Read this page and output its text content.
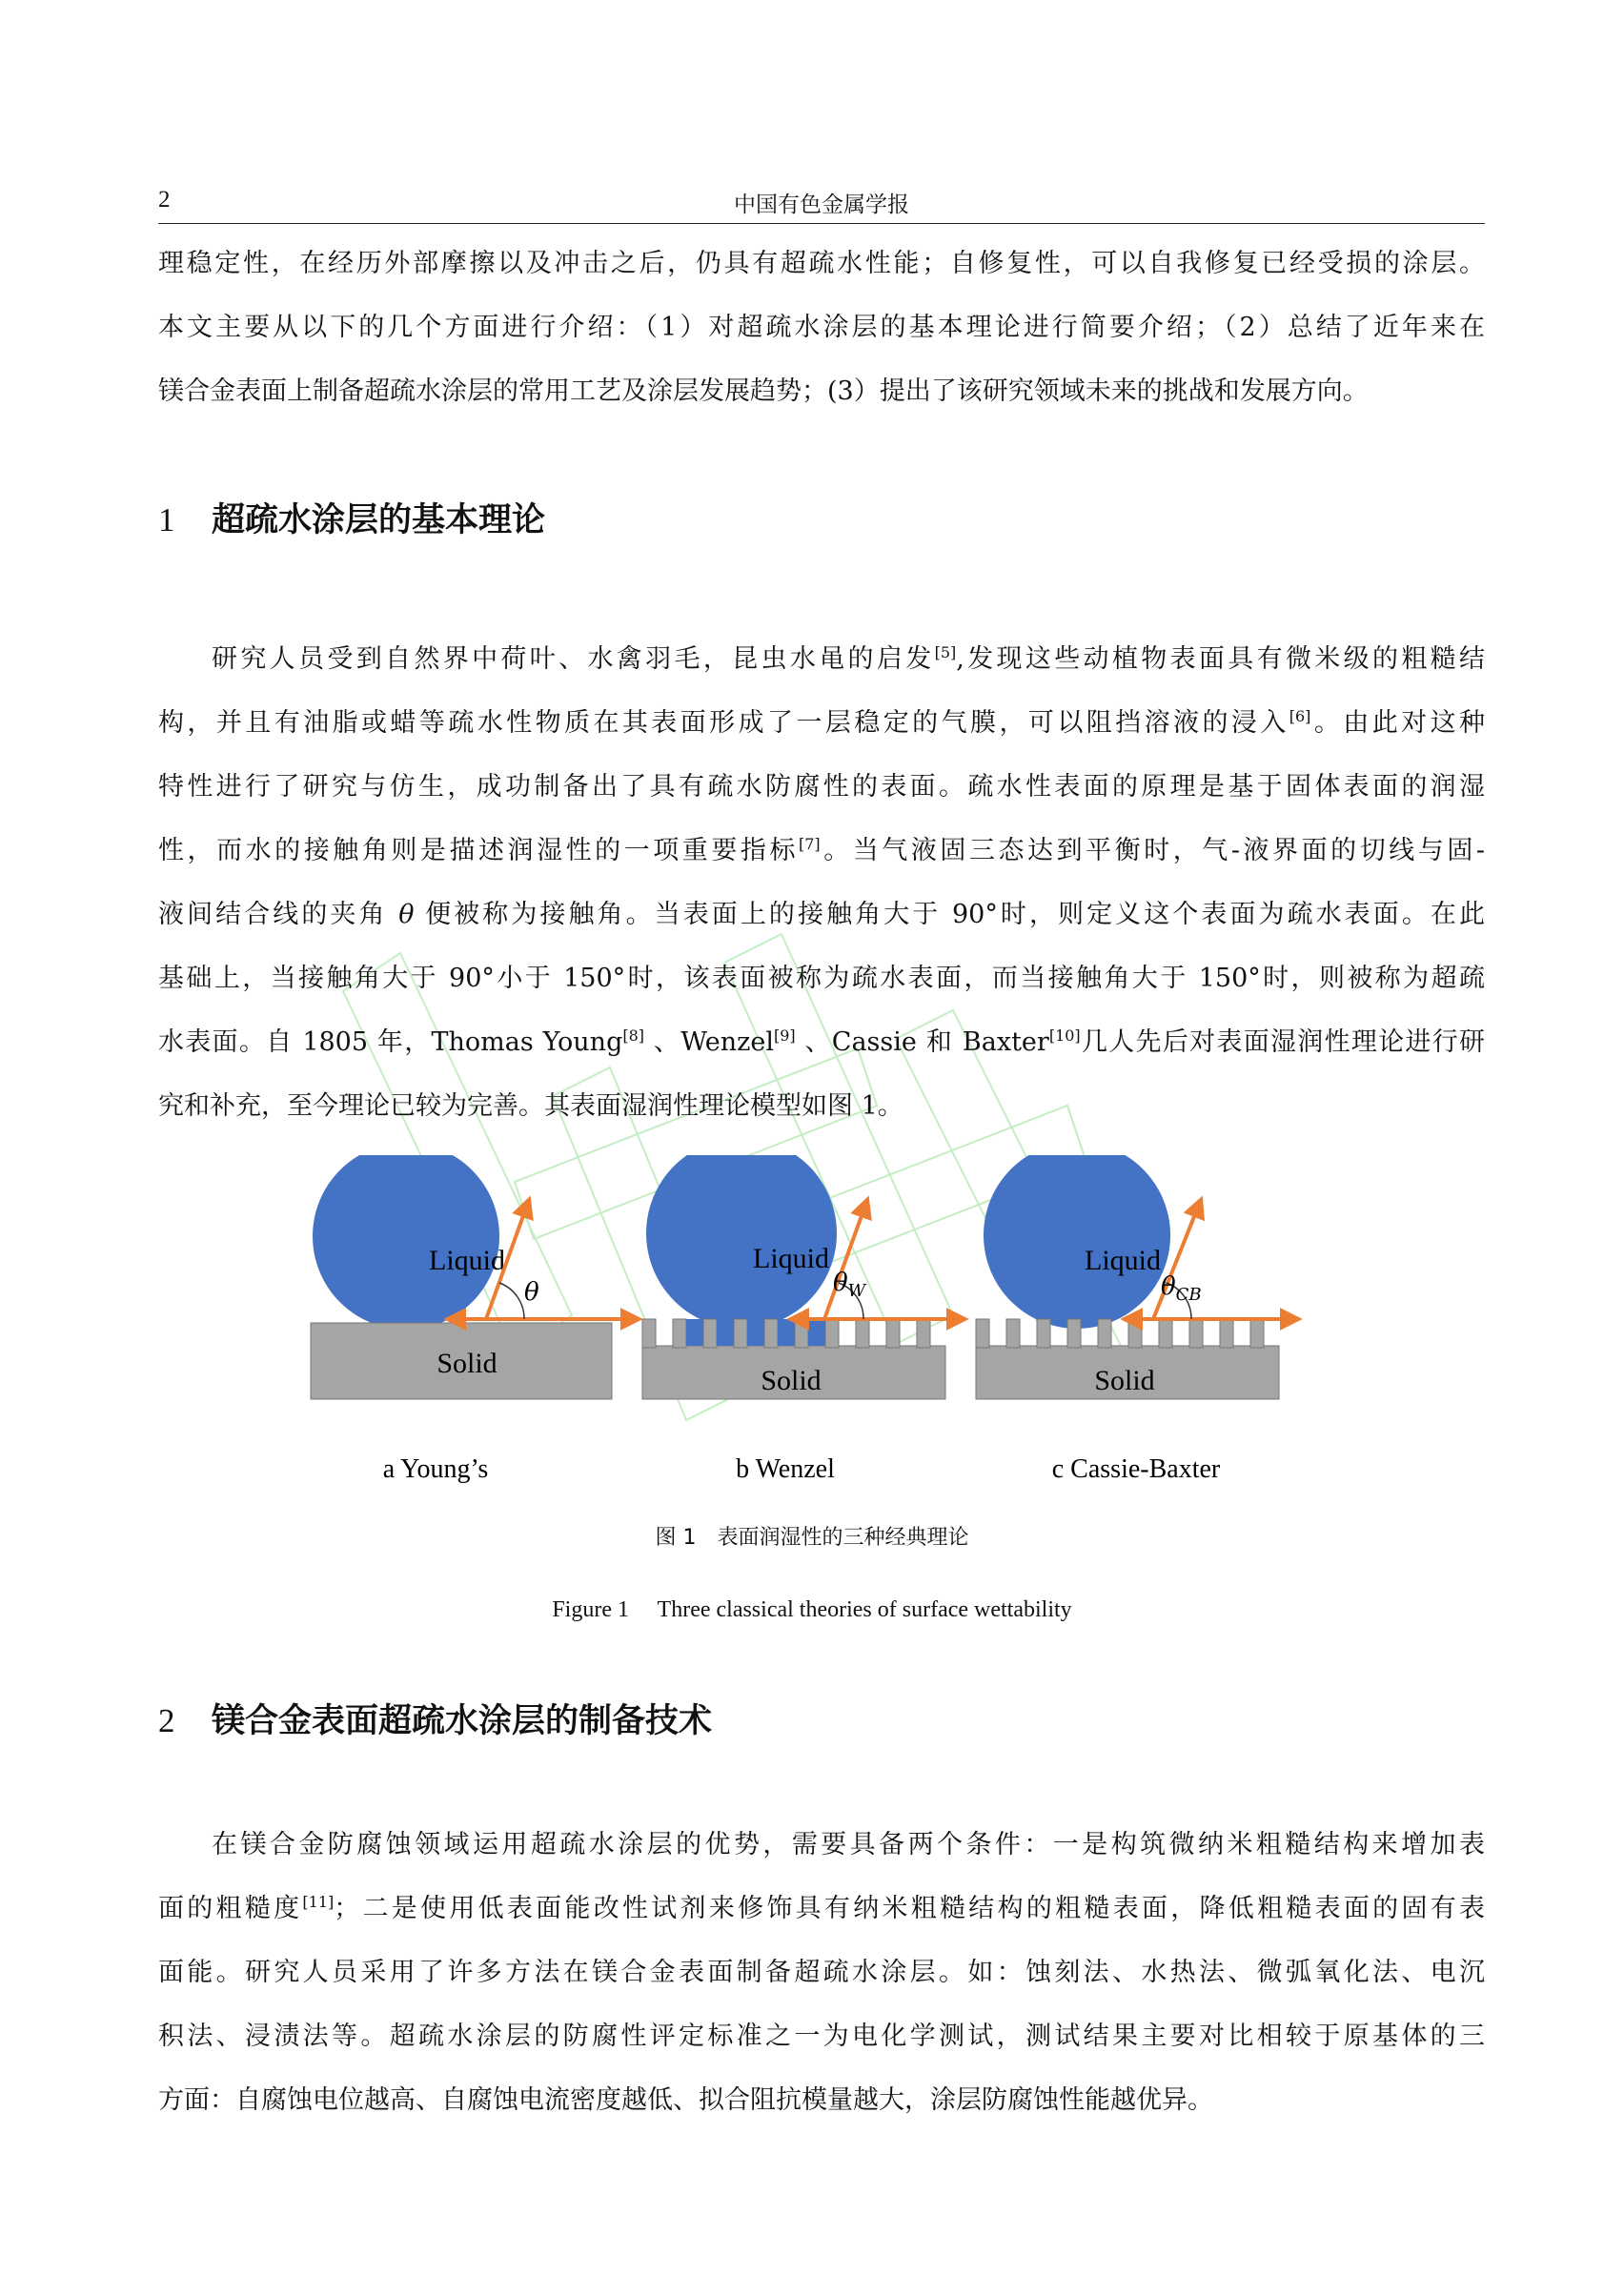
2	中国有色金属学报
理稳定性，在经历外部摩擦以及冲击之后，仍具有超疏水性能；自修复性，可以自我修复已经受损的涂层。
本文主要从以下的几个方面进行介绍：（1）对超疏水涂层的基本理论进行简要介绍；（2）总结了近年来在
镁合金表面上制备超疏水涂层的常用工艺及涂层发展趋势；(3）提出了该研究领域未来的挑战和发展方向。
1 超疏水涂层的基本理论
研究人员受到自然界中荷叶、水禽羽毛，昆虫水黾的启发[5],发现这些动植物表面具有微米级的粗糙结
构，并且有油脂或蜡等疏水性物质在其表面形成了一层稳定的气膜，可以阻挡溶液的浸入[6]。由此对这种
特性进行了研究与仿生，成功制备出了具有疏水防腐性的表面。疏水性表面的原理是基于固体表面的润湿
性，而水的接触角则是描述润湿性的一项重要指标[7]。当气液固三态达到平衡时，气-液界面的切线与固-
液间结合线的夹角 θ 便被称为接触角。当表面上的接触角大于 90°时，则定义这个表面为疏水表面。在此
基础上，当接触角大于 90°小于 150°时，该表面被称为疏水表面，而当接触角大于 150°时，则被称为超疏
水表面。自 1805 年，Thomas Young[8] 、Wenzel[9] 、Cassie 和 Baxter[10]几人先后对表面湿润性理论进行研
究和补充，至今理论已较为完善。其表面湿润性理论模型如图 1。
Liquid
Solid
θ
a Young’s
Liquid
Solid
$\theta_W$
b Wenzel
Liquid
Solid
$\theta_{CB}$
c Cassie-Baxter
图 1　表面润湿性的三种经典理论
Figure 1　 Three classical theories of surface wettability
2 镁合金表面超疏水涂层的制备技术
在镁合金防腐蚀领域运用超疏水涂层的优势，需要具备两个条件：一是构筑微纳米粗糙结构来增加表
面的粗糙度[11]；二是使用低表面能改性试剂来修饰具有纳米粗糙结构的粗糙表面，降低粗糙表面的固有表
面能。研究人员采用了许多方法在镁合金表面制备超疏水涂层。如：蚀刻法、水热法、微弧氧化法、电沉
积法、浸渍法等。超疏水涂层的防腐性评定标准之一为电化学测试，测试结果主要对比相较于原基体的三
方面：自腐蚀电位越高、自腐蚀电流密度越低、拟合阻抗模量越大，涂层防腐蚀性能越优异。
